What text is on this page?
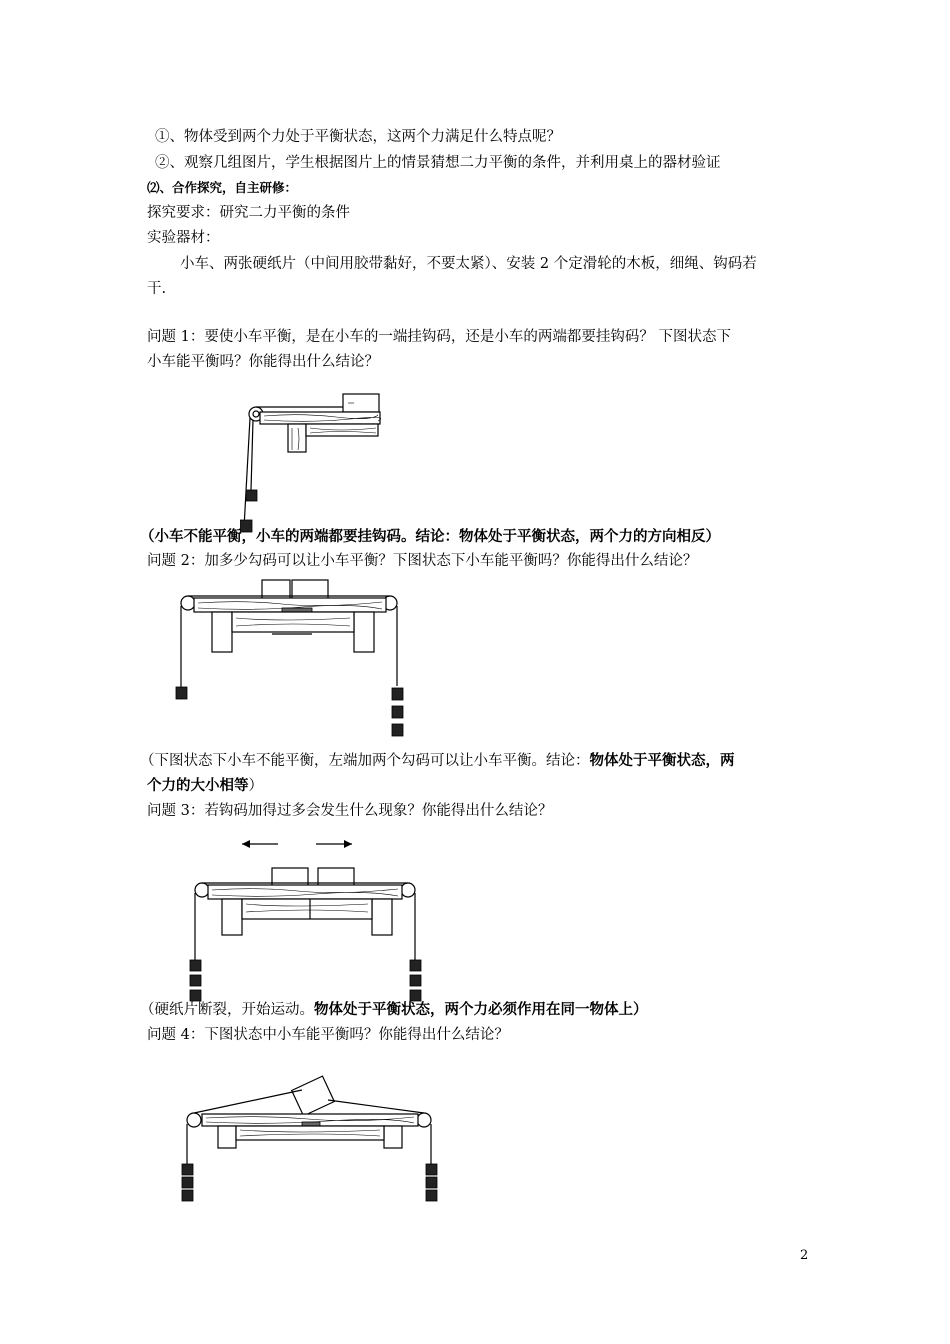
①、物体受到两个力处于平衡状态，这两个力满足什么特点呢？
②、观察几组图片，学生根据图片上的情景猜想二力平衡的条件，并利用桌上的器材验证
⑵、合作探究，自主研修：
探究要求：研究二力平衡的条件
实验器材：
小车、两张硬纸片（中间用胶带黏好，不要太紧）、安装 2 个定滑轮的木板，细绳、钩码若
干.
问题 1：要使小车平衡，是在小车的一端挂钩码，还是小车的两端都要挂钩码？ 下图状态下
小车能平衡吗？你能得出什么结论？
（小车不能平衡，小车的两端都要挂钩码。结论：物体处于平衡状态，两个力的方向相反）
问题 2：加多少勾码可以让小车平衡？下图状态下小车能平衡吗？你能得出什么结论？
（下图状态下小车不能平衡，左端加两个勾码可以让小车平衡。结论：物体处于平衡状态，两
个力的大小相等）
问题 3：若钩码加得过多会发生什么现象？你能得出什么结论？
（硬纸片断裂，开始运动。物体处于平衡状态，两个力必须作用在同一物体上）
问题 4：下图状态中小车能平衡吗？你能得出什么结论？
2
